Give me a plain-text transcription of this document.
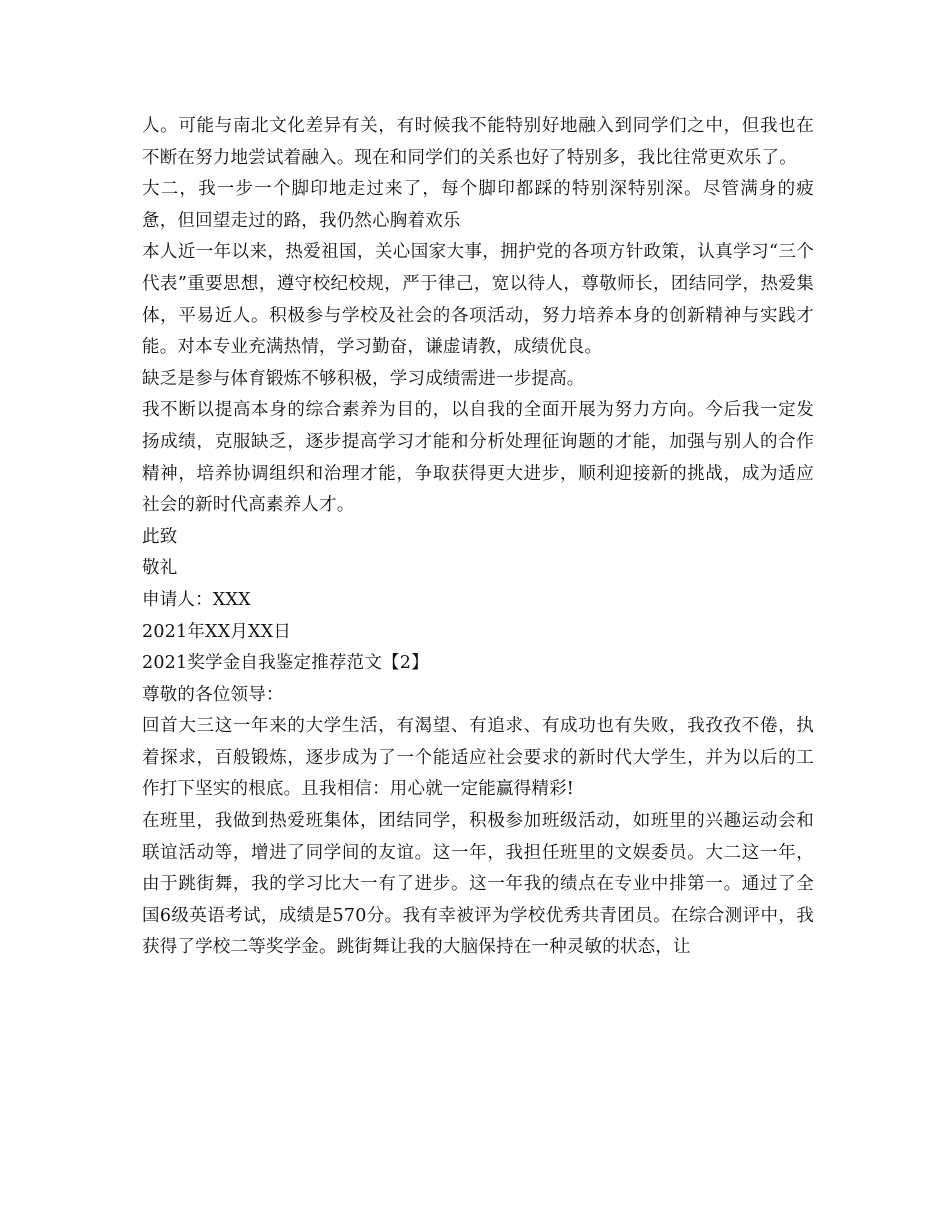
人。可能与南北文化差异有关，有时候我不能特别好地融入到同学们之中，但我也在不断在努力地尝试着融入。现在和同学们的关系也好了特别多，我比往常更欢乐了。

大二，我一步一个脚印地走过来了，每个脚印都踩的特别深特别深。尽管满身的疲惫，但回望走过的路，我仍然心胸着欢乐

本人近一年以来，热爱祖国，关心国家大事，拥护党的各项方针政策，认真学习“三个代表”重要思想，遵守校纪校规，严于律己，宽以待人，尊敬师长，团结同学，热爱集体，平易近人。积极参与学校及社会的各项活动，努力培养本身的创新精神与实践才能。对本专业充满热情，学习勤奋，谦虚请教，成绩优良。

缺乏是参与体育锻炼不够积极，学习成绩需进一步提高。

我不断以提高本身的综合素养为目的，以自我的全面开展为努力方向。今后我一定发扬成绩，克服缺乏，逐步提高学习才能和分析处理征询题的才能，加强与别人的合作精神，培养协调组织和治理才能，争取获得更大进步，顺利迎接新的挑战，成为适应社会的新时代高素养人才。

此致

敬礼

申请人：XXX

2021年XX月XX日

2021奖学金自我鉴定推荐范文【2】

尊敬的各位领导：

回首大三这一年来的大学生活，有渴望、有追求、有成功也有失败，我孜孜不倦，执着探求，百般锻炼，逐步成为了一个能适应社会要求的新时代大学生，并为以后的工作打下坚实的根底。且我相信：用心就一定能赢得精彩!

在班里，我做到热爱班集体，团结同学，积极参加班级活动，如班里的兴趣运动会和联谊活动等，增进了同学间的友谊。这一年，我担任班里的文娱委员。大二这一年，由于跳街舞，我的学习比大一有了进步。这一年我的绩点在专业中排第一。通过了全国6级英语考试，成绩是570分。我有幸被评为学校优秀共青团员。在综合测评中，我获得了学校二等奖学金。跳街舞让我的大脑保持在一种灵敏的状态，让
